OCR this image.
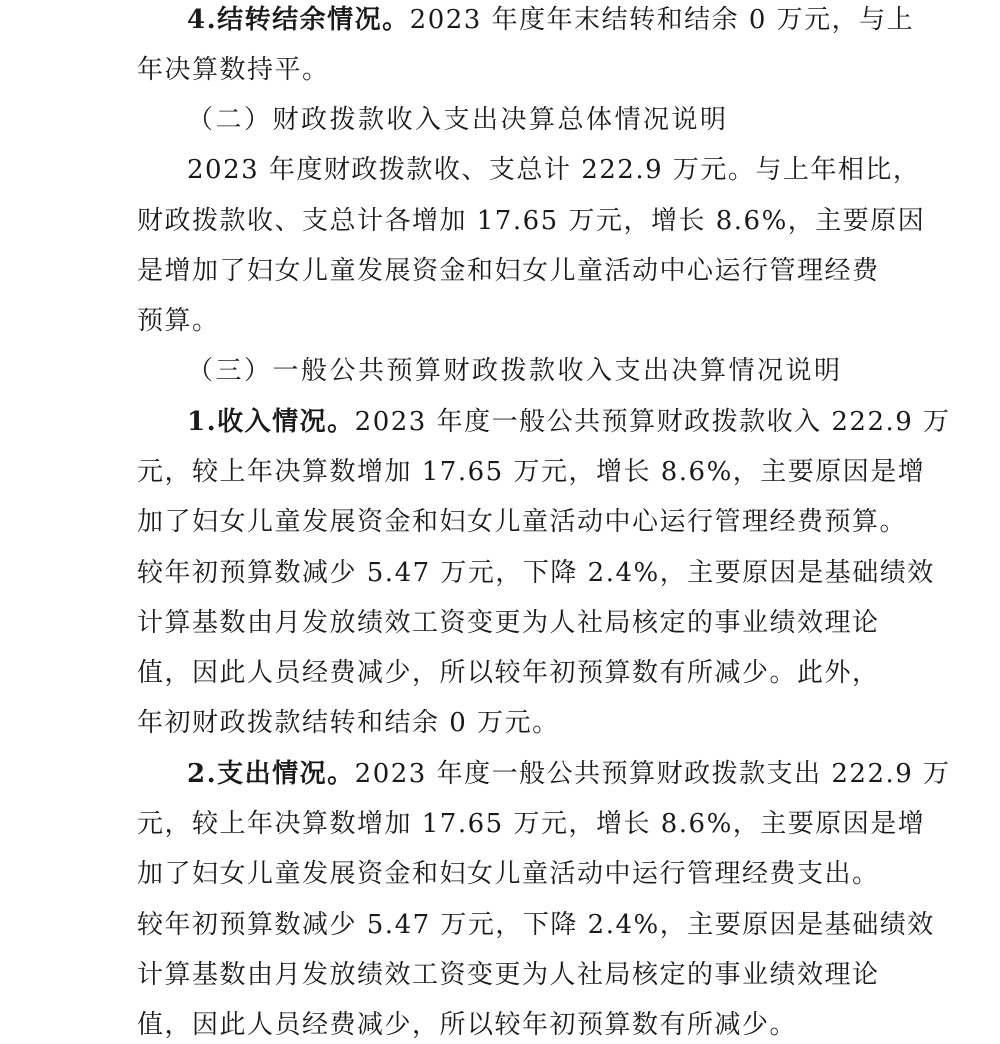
4.结转结余情况。2023 年度年末结转和结余 0 万元，与上
年决算数持平。
（二）财政拨款收入支出决算总体情况说明
2023 年度财政拨款收、支总计 222.9 万元。与上年相比，
财政拨款收、支总计各增加 17.65 万元，增长 8.6%，主要原因
是增加了妇女儿童发展资金和妇女儿童活动中心运行管理经费
预算。
（三）一般公共预算财政拨款收入支出决算情况说明
1.收入情况。2023 年度一般公共预算财政拨款收入 222.9 万
元，较上年决算数增加 17.65 万元，增长 8.6%，主要原因是增
加了妇女儿童发展资金和妇女儿童活动中心运行管理经费预算。
较年初预算数减少 5.47 万元，下降 2.4%，主要原因是基础绩效
计算基数由月发放绩效工资变更为人社局核定的事业绩效理论
值，因此人员经费减少，所以较年初预算数有所减少。此外，
年初财政拨款结转和结余 0 万元。
2.支出情况。2023 年度一般公共预算财政拨款支出 222.9 万
元，较上年决算数增加 17.65 万元，增长 8.6%，主要原因是增
加了妇女儿童发展资金和妇女儿童活动中运行管理经费支出。
较年初预算数减少 5.47 万元，下降 2.4%，主要原因是基础绩效
计算基数由月发放绩效工资变更为人社局核定的事业绩效理论
值，因此人员经费减少，所以较年初预算数有所减少。
